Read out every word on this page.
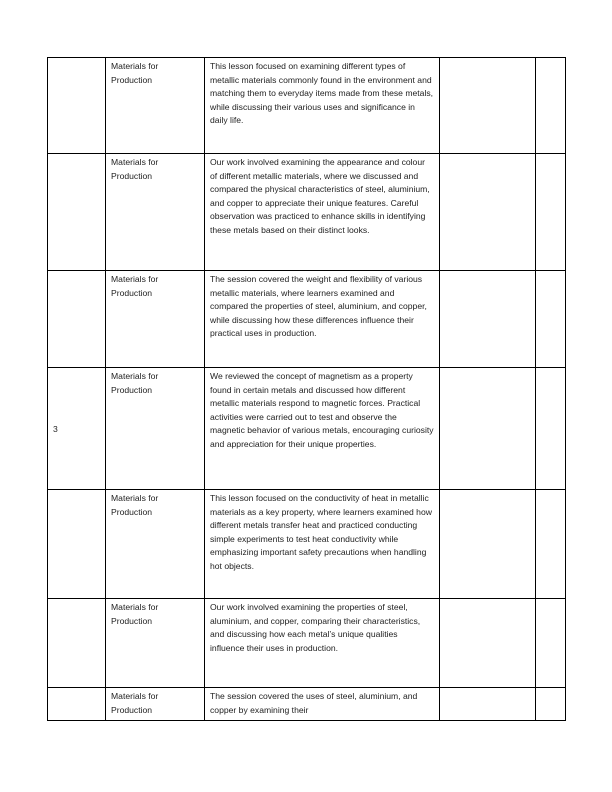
	Materials for Production	This lesson focused on examining different types of metallic materials commonly found in the environment and matching them to everyday items made from these metals, while discussing their various uses and significance in daily life.		
	Materials for Production	Our work involved examining the appearance and colour of different metallic materials, where we discussed and compared the physical characteristics of steel, aluminium, and copper to appreciate their unique features. Careful observation was practiced to enhance skills in identifying these metals based on their distinct looks.		
	Materials for Production	The session covered the weight and flexibility of various metallic materials, where learners examined and compared the properties of steel, aluminium, and copper, while discussing how these differences influence their practical uses in production.		
3	Materials for Production	We reviewed the concept of magnetism as a property found in certain metals and discussed how different metallic materials respond to magnetic forces. Practical activities were carried out to test and observe the magnetic behavior of various metals, encouraging curiosity and appreciation for their unique properties.		
	Materials for Production	This lesson focused on the conductivity of heat in metallic materials as a key property, where learners examined how different metals transfer heat and practiced conducting simple experiments to test heat conductivity while emphasizing important safety precautions when handling hot objects.		
	Materials for Production	Our work involved examining the properties of steel, aluminium, and copper, comparing their characteristics, and discussing how each metal’s unique qualities influence their uses in production.		
	Materials for Production	The session covered the uses of steel, aluminium, and copper by examining their		
